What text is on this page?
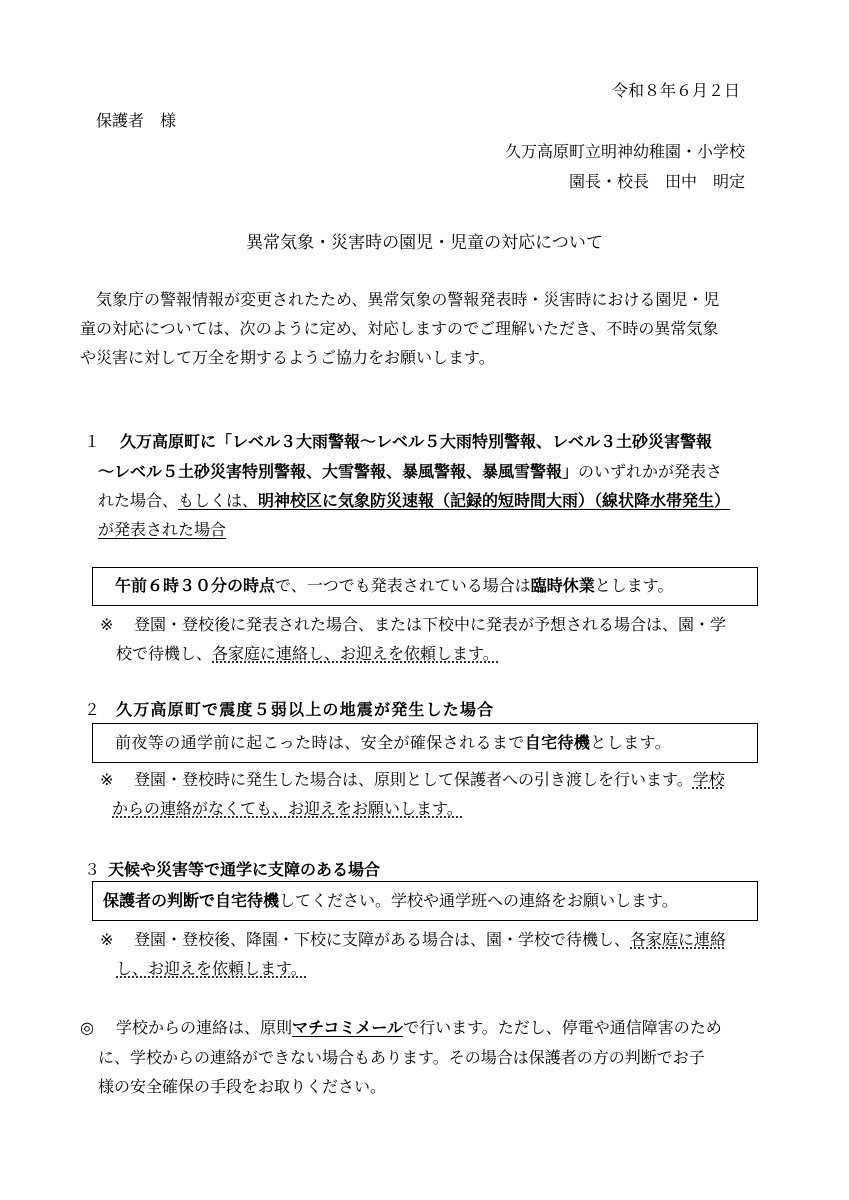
令和８年６月２日
保護者　様
久万高原町立明神幼稚園・小学校
園長・校長　田中　明定
異常気象・災害時の園児・児童の対応について
気象庁の警報情報が変更されたため、異常気象の警報発表時・災害時における園児・児
童の対応については、次のように定め、対応しますのでご理解いただき、不時の異常気象
や災害に対して万全を期するようご協力をお願いします。
１ 久万高原町に「レベル３大雨警報～レベル５大雨特別警報、レベル３土砂災害警報
～レベル５土砂災害特別警報、大雪警報、暴風警報、暴風雪警報」のいずれかが発表さ
れた場合、もしくは、明神校区に気象防災速報（記録的短時間大雨）（線状降水帯発生）
が発表された場合
午前６時３０分の時点で、一つでも発表されている場合は臨時休業とします。
※ 登園・登校後に発表された場合、または下校中に発表が予想される場合は、園・学
校で待機し、各家庭に連絡し、お迎えを依頼します。
２ 久万高原町で震度５弱以上の地震が発生した場合
前夜等の通学前に起こった時は、安全が確保されるまで自宅待機とします。
※ 登園・登校時に発生した場合は、原則として保護者への引き渡しを行います。学校
からの連絡がなくても、お迎えをお願いします。
３ 天候や災害等で通学に支障のある場合
保護者の判断で自宅待機してください。学校や通学班への連絡をお願いします。
※ 登園・登校後、降園・下校に支障がある場合は、園・学校で待機し、各家庭に連絡
し、お迎えを依頼します。
◎ 学校からの連絡は、原則マチコミメールで行います。ただし、停電や通信障害のため
に、学校からの連絡ができない場合もあります。その場合は保護者の方の判断でお子
様の安全確保の手段をお取りください。
